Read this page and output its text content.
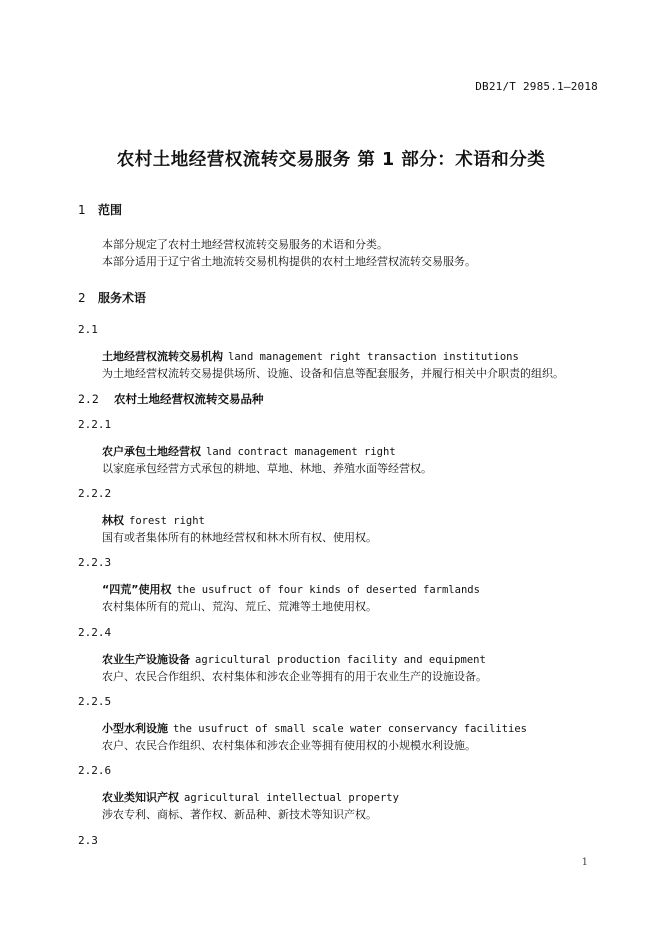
DB21/T 2985.1—2018
农村土地经营权流转交易服务 第 1 部分：术语和分类
1 范围
本部分规定了农村土地经营权流转交易服务的术语和分类。
本部分适用于辽宁省土地流转交易机构提供的农村土地经营权流转交易服务。
2 服务术语
2.1
土地经营权流转交易机构 land management right transaction institutions
为土地经营权流转交易提供场所、设施、设备和信息等配套服务，并履行相关中介职责的组织。
2.2 农村土地经营权流转交易品种
2.2.1
农户承包土地经营权 land contract management right
以家庭承包经营方式承包的耕地、草地、林地、养殖水面等经营权。
2.2.2
林权 forest right
国有或者集体所有的林地经营权和林木所有权、使用权。
2.2.3
“四荒”使用权 the usufruct of four kinds of deserted farmlands
农村集体所有的荒山、荒沟、荒丘、荒滩等土地使用权。
2.2.4
农业生产设施设备 agricultural production facility and equipment
农户、农民合作组织、农村集体和涉农企业等拥有的用于农业生产的设施设备。
2.2.5
小型水利设施 the usufruct of small scale water conservancy facilities
农户、农民合作组织、农村集体和涉农企业等拥有使用权的小规模水利设施。
2.2.6
农业类知识产权 agricultural intellectual property
涉农专利、商标、著作权、新品种、新技术等知识产权。
2.3
1
